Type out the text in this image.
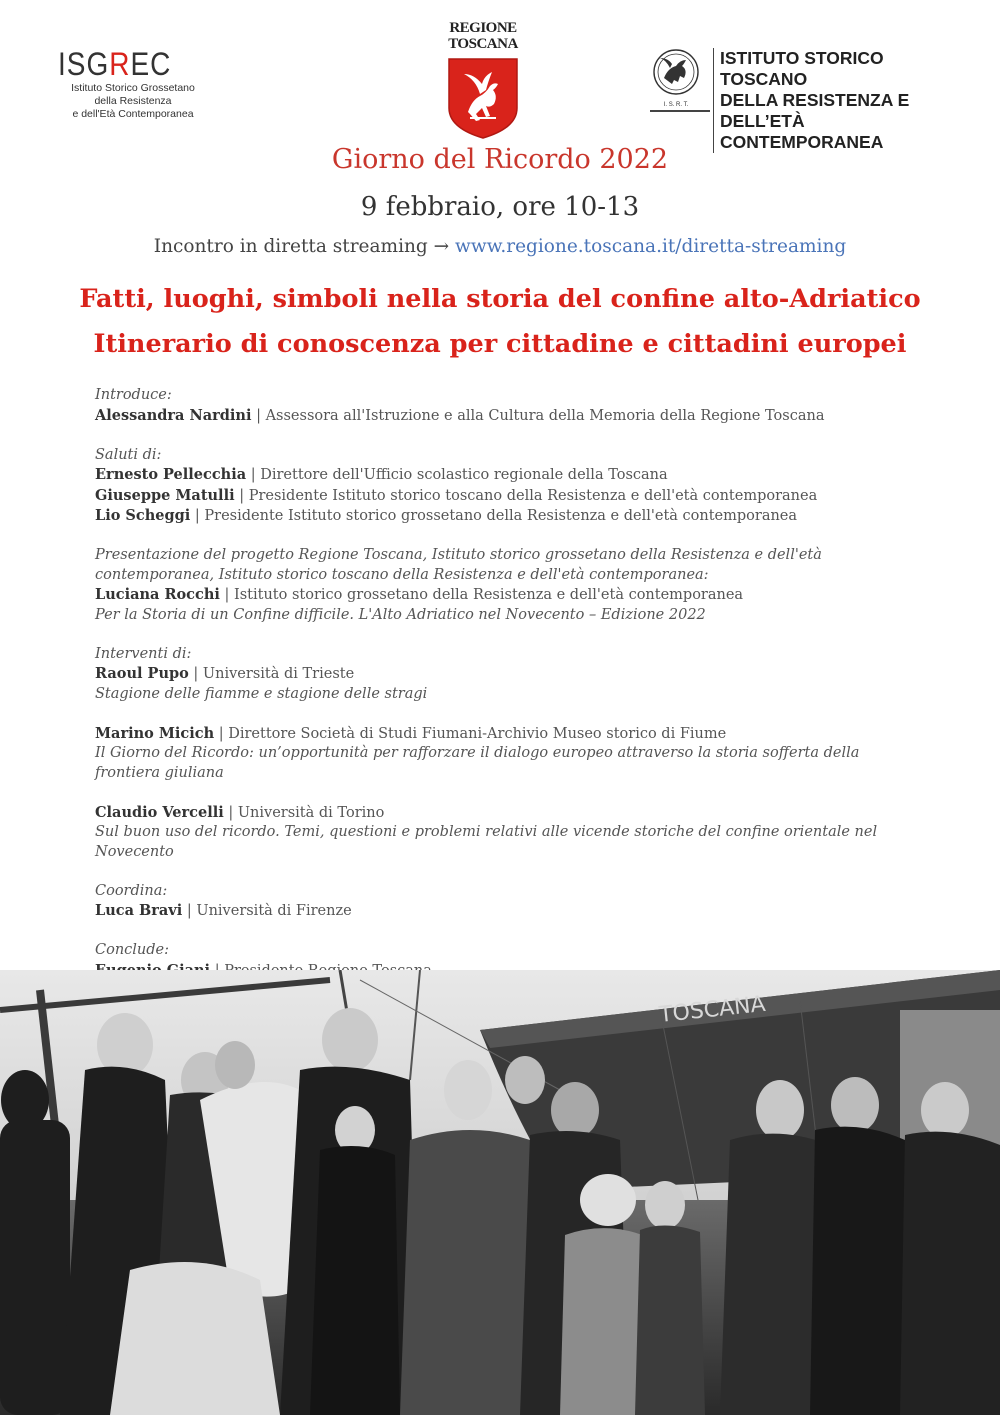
ISGREC
Istituto Storico Grossetano
della Resistenza
e dell'Età Contemporanea
REGIONE
TOSCANA
I. S. R. T.
ISTITUTO STORICO TOSCANO
DELLA RESISTENZA E
DELL’ETÀ CONTEMPORANEA
Giorno del Ricordo 2022
9 febbraio, ore 10-13
Incontro in diretta streaming → www.regione.toscana.it/diretta-streaming
Fatti, luoghi, simboli nella storia del confine alto-Adriatico
Itinerario di conoscenza per cittadine e cittadini europei
Introduce:
Alessandra Nardini | Assessora all'Istruzione e alla Cultura della Memoria della Regione Toscana
Saluti di:
Ernesto Pellecchia | Direttore dell'Ufficio scolastico regionale della Toscana
Giuseppe Matulli | Presidente Istituto storico toscano della Resistenza e dell'età contemporanea
Lio Scheggi | Presidente Istituto storico grossetano della Resistenza e dell'età contemporanea
Presentazione del progetto Regione Toscana, Istituto storico grossetano della Resistenza e dell'età contemporanea, Istituto storico toscano della Resistenza e dell'età contemporanea:
Luciana Rocchi | Istituto storico grossetano della Resistenza e dell'età contemporanea
Per la Storia di un Confine difficile. L'Alto Adriatico nel Novecento – Edizione 2022
Interventi di:
Raoul Pupo | Università di Trieste
Stagione delle fiamme e stagione delle stragi
Marino Micich | Direttore Società di Studi Fiumani-Archivio Museo storico di Fiume
Il Giorno del Ricordo: un’opportunità per rafforzare il dialogo europeo attraverso la storia sofferta della frontiera giuliana
Claudio Vercelli | Università di Torino
Sul buon uso del ricordo. Temi, questioni e problemi relativi alle vicende storiche del confine orientale nel Novecento
Coordina:
Luca Bravi | Università di Firenze
Conclude:
TOSCANA
